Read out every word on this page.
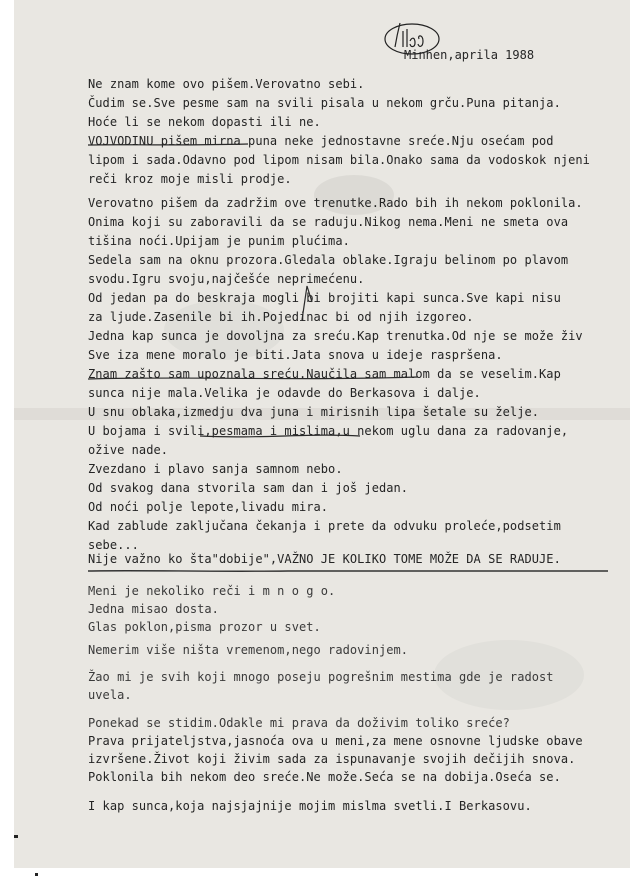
Minhen,aprila 1988
Ne znam kome ovo pišem.Verovatno sebi.
Čudim se.Sve pesme sam na svili pisala u nekom grču.Puna pitanja.
Hoće li se nekom dopasti ili ne.
VOJVODINU pišem mirna puna neke jednostavne sreće.Nju osećam pod
lipom i sada.Odavno pod lipom nisam bila.Onako sama da vodoskok njeni
reči kroz moje misli prodje.
Verovatno pišem da zadržim ove trenutke.Rado bih ih nekom poklonila.
Onima koji su zaboravili da se raduju.Nikog nema.Meni ne smeta ova
tišina noći.Upijam je punim plućima.
Sedela sam na oknu prozora.Gledala oblake.Igraju belinom po plavom
svodu.Igru svoju,najčešće neprimećenu.
Od jedan pa do beskraja mogli bi brojiti kapi sunca.Sve kapi nisu
za ljude.Zasenile bi ih.Pojedinac bi od njih izgoreo.
Jedna kap sunca je dovoljna za sreću.Kap trenutka.Od nje se može živ
Sve iza mene moralo je biti.Jata snova u ideje raspršena.
Znam zašto sam upoznala sreću.Naučila sam malom da se veselim.Kap
sunca nije mala.Velika je odavde do Berkasova i dalje.
U snu oblaka,izmedju dva juna i mirisnih lipa šetale su želje.
U bojama i svili,pesmama i mislima,u nekom uglu dana za radovanje,
ožive nade.
Zvezdano i plavo sanja samnom nebo.
Od svakog dana stvorila sam dan i još jedan.
Od noći polje lepote,livadu mira.
Kad zablude zaključana čekanja i prete da odvuku proleće,podsetim
sebe...
Nije važno ko šta"dobije",VAŽNO JE KOLIKO TOME MOŽE DA SE RADUJE.
Meni je nekoliko reči i m n o g o.
Jedna misao dosta.
Glas poklon,pisma prozor u svet.
Nemerim više ništa vremenom,nego radovinjem.
Žao mi je svih koji mnogo poseju pogrešnim mestima gde je radost
uvela.
Ponekad se stidim.Odakle mi prava da doživim toliko sreće?
Prava prijateljstva,jasnoća ova u meni,za mene osnovne ljudske obave
izvršene.Život koji živim sada za ispunavanje svojih dečijih snova.
Poklonila bih nekom deo sreće.Ne može.Seća se na dobija.Oseća se.
I kap sunca,koja najsjajnije mojim mislma svetli.I Berkasovu.
